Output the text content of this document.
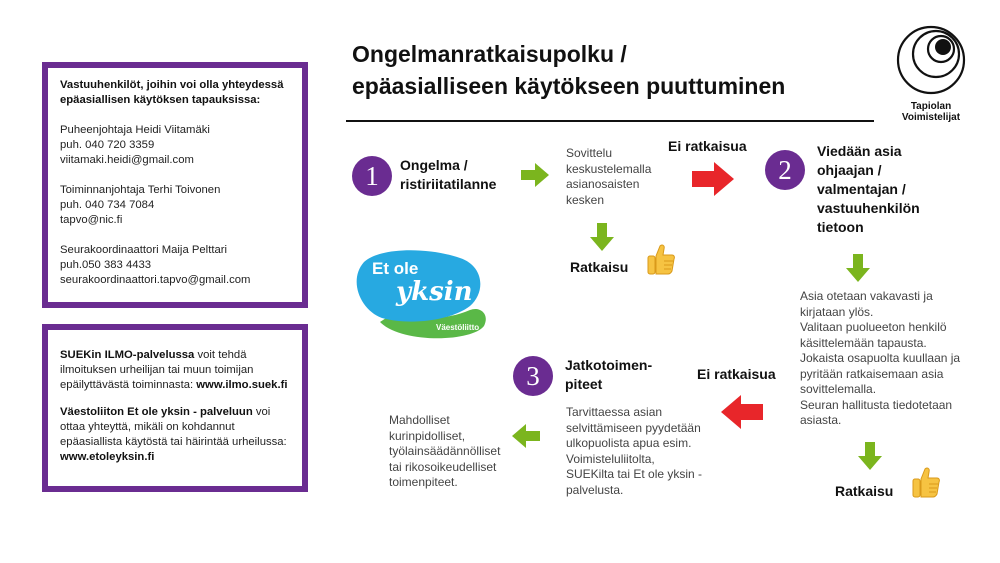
Vastuuhenkilöt, joihin voi olla yhteydessä epäasiallisen käytöksen tapauksissa:
Puheenjohtaja Heidi Viitamäki
puh. 040 720 3359
viitamaki.heidi@gmail.com
Toiminnanjohtaja Terhi Toivonen
puh. 040 734 7084
tapvo@nic.fi
Seurakoordinaattori Maija Pelttari
puh.050 383 4433
seurakoordinaattori.tapvo@gmail.com
SUEKin ILMO-palvelussa voit tehdä ilmoituksen urheilijan tai muun toimijan epäilyttävästä toiminnasta: www.ilmo.suek.fi
Väestoliiton Et ole yksin - palveluun voi ottaa yhteyttä, mikäli on kohdannut epäasiallista käytöstä tai häirintää urheilussa: www.etoleyksin.fi
Ongelmanratkaisupolku /
epäasialliseen käytökseen puuttuminen
Tapiolan Voimistelijat
Et ole
yksin
Väestöliitto
1	Ongelma /
ristiriitatilanne
Sovittelu
keskustelemalla
asianosaisten
kesken
Ei ratkaisua
2
Viedään asia
ohjaajan /
valmentajan /
vastuuhenkilön
tietoon
Ratkaisu
Asia otetaan vakavasti ja
kirjataan ylös.
Valitaan puolueeton henkilö
käsittelemään tapausta.
Jokaista osapuolta kuullaan ja
pyritään ratkaisemaan asia
sovittelemalla.
Seuran hallitusta tiedotetaan
asiasta.
Ratkaisu
Ei ratkaisua
3	Jatkotoimen-
piteet
Tarvittaessa asian
selvittämiseen pyydetään
ulkopuolista apua esim.
Voimisteluliitolta,
SUEKilta tai Et ole yksin -
palvelusta.
Mahdolliset
kurinpidolliset,
työlainsäädännölliset
tai rikosoikeudelliset
toimenpiteet.
